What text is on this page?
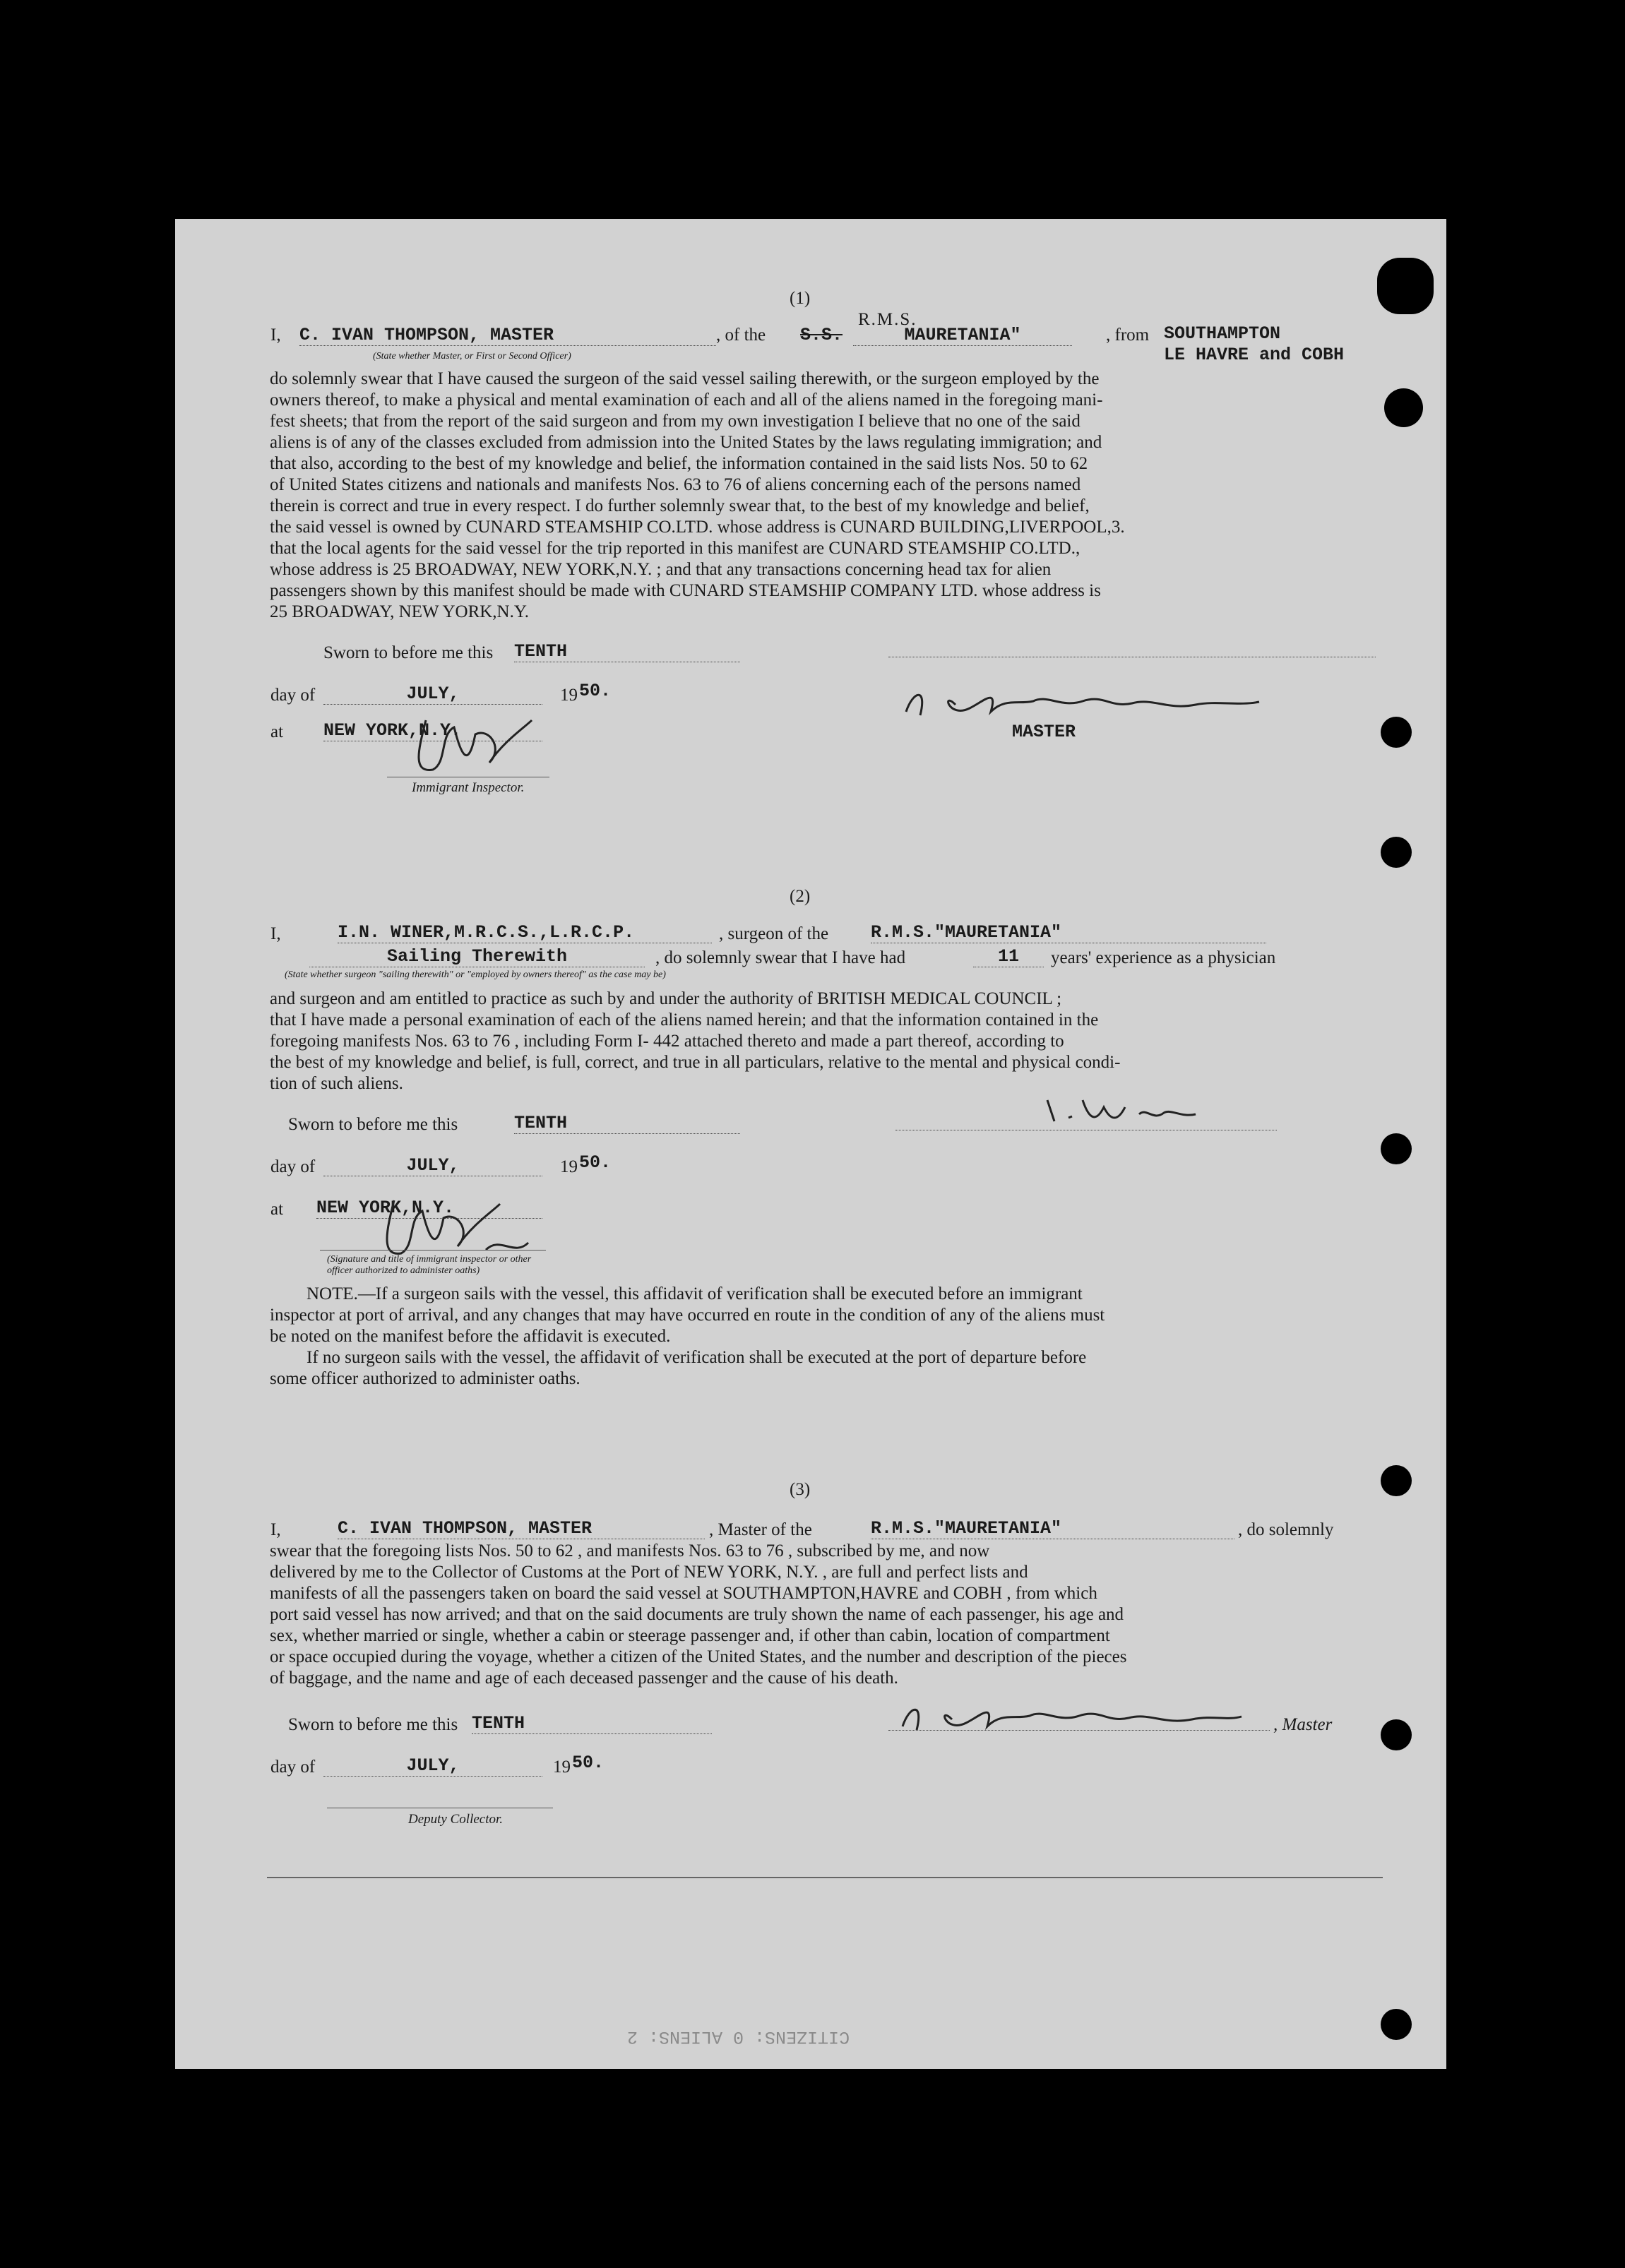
(1)
R.M.S.
I, C. IVAN THOMPSON, MASTER	, of the S.S.	MAURETANIA"	, from SOUTHAMPTON
LE HAVRE and COBH
(State whether Master, or First or Second Officer)
do solemnly swear that I have caused the surgeon of the said vessel sailing therewith, or the surgeon employed by the
owners thereof, to make a physical and mental examination of each and all of the aliens named in the foregoing mani-
fest sheets; that from the report of the said surgeon and from my own investigation I believe that no one of the said
aliens is of any of the classes excluded from admission into the United States by the laws regulating immigration; and
that also, according to the best of my knowledge and belief, the information contained in the said lists Nos. 50 to 62
of United States citizens and nationals and manifests Nos. 63 to 76 of aliens concerning each of the persons named
therein is correct and true in every respect. I do further solemnly swear that, to the best of my knowledge and belief,
the said vessel is owned by CUNARD STEAMSHIP CO.LTD. whose address is CUNARD BUILDING,LIVERPOOL,3.
that the local agents for the said vessel for the trip reported in this manifest are CUNARD STEAMSHIP CO.LTD.,
whose address is 25 BROADWAY, NEW YORK,N.Y. ; and that any transactions concerning head tax for alien
passengers shown by this manifest should be made with CUNARD STEAMSHIP COMPANY LTD. whose address is
25 BROADWAY, NEW YORK,N.Y.
Sworn to before me this TENTH
day of	JULY,	19 50.
at NEW YORK,N.Y.	MASTER
Immigrant Inspector.
(2)
I,	I.N. WINER,M.R.C.S.,L.R.C.P.	, surgeon of the R.M.S."MAURETANIA"
Sailing Therewith	, do solemnly swear that I have had	11	years' experience as a physician
(State whether surgeon "sailing therewith" or "employed by owners thereof" as the case may be)
and surgeon and am entitled to practice as such by and under the authority of BRITISH MEDICAL COUNCIL ;
that I have made a personal examination of each of the aliens named herein; and that the information contained in the
foregoing manifests Nos. 63 to 76 , including Form I- 442 attached thereto and made a part thereof, according to
the best of my knowledge and belief, is full, correct, and true in all particulars, relative to the mental and physical condi-
tion of such aliens.
Sworn to before me this	TENTH
day of	JULY,	19 50.
at NEW YORK,N.Y.
(Signature and title of immigrant inspector or other officer authorized to administer oaths)
NOTE.—If a surgeon sails with the vessel, this affidavit of verification shall be executed before an immigrant
inspector at port of arrival, and any changes that may have occurred en route in the condition of any of the aliens must
be noted on the manifest before the affidavit is executed.
If no surgeon sails with the vessel, the affidavit of verification shall be executed at the port of departure before
some officer authorized to administer oaths.
(3)
I,	C. IVAN THOMPSON, MASTER	, Master of the	R.M.S."MAURETANIA"	, do solemnly
swear that the foregoing lists Nos. 50 to 62 , and manifests Nos. 63 to 76 , subscribed by me, and now
delivered by me to the Collector of Customs at the Port of NEW YORK, N.Y. , are full and perfect lists and
manifests of all the passengers taken on board the said vessel at SOUTHAMPTON,HAVRE and COBH , from which
port said vessel has now arrived; and that on the said documents are truly shown the name of each passenger, his age and
sex, whether married or single, whether a cabin or steerage passenger and, if other than cabin, location of compartment
or space occupied during the voyage, whether a citizen of the United States, and the number and description of the pieces
of baggage, and the name and age of each deceased passenger and the cause of his death.
Sworn to before me this TENTH	, Master
day of	JULY,	19 50.
Deputy Collector.
CITIZENS: 0 ALIENS: 2
